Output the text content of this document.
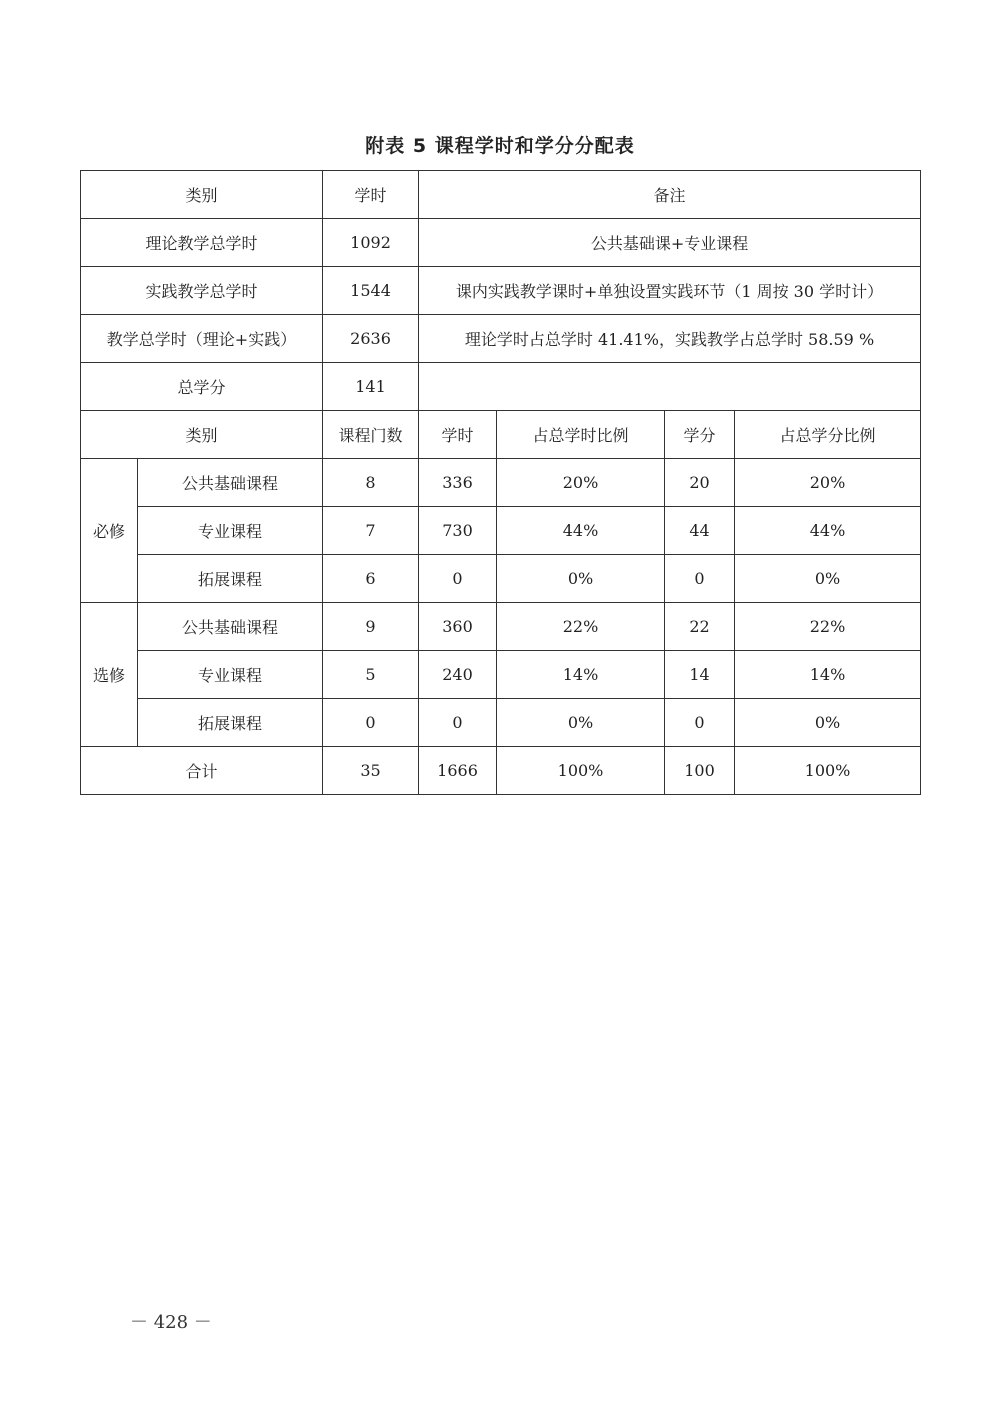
附表 5 课程学时和学分分配表
类别		学时	备注			
理论教学总学时		1092	公共基础课+专业课程			
实践教学总学时		1544	课内实践教学课时+单独设置实践环节（1 周按 30 学时计）			
教学总学时（理论+实践）		2636	理论学时占总学时 41.41%，实践教学占总学时 58.59 %			
总学分		141				
类别		课程门数	学时	占总学时比例	学分	占总学分比例
必修	公共基础课程	8	336	20%	20	20%
	专业课程	7	730	44%	44	44%
	拓展课程	6	0	0%	0	0%
选修	公共基础课程	9	360	22%	22	22%
	专业课程	5	240	14%	14	14%
	拓展课程	0	0	0%	0	0%
合计		35	1666	100%	100	100%
－ 428 －
